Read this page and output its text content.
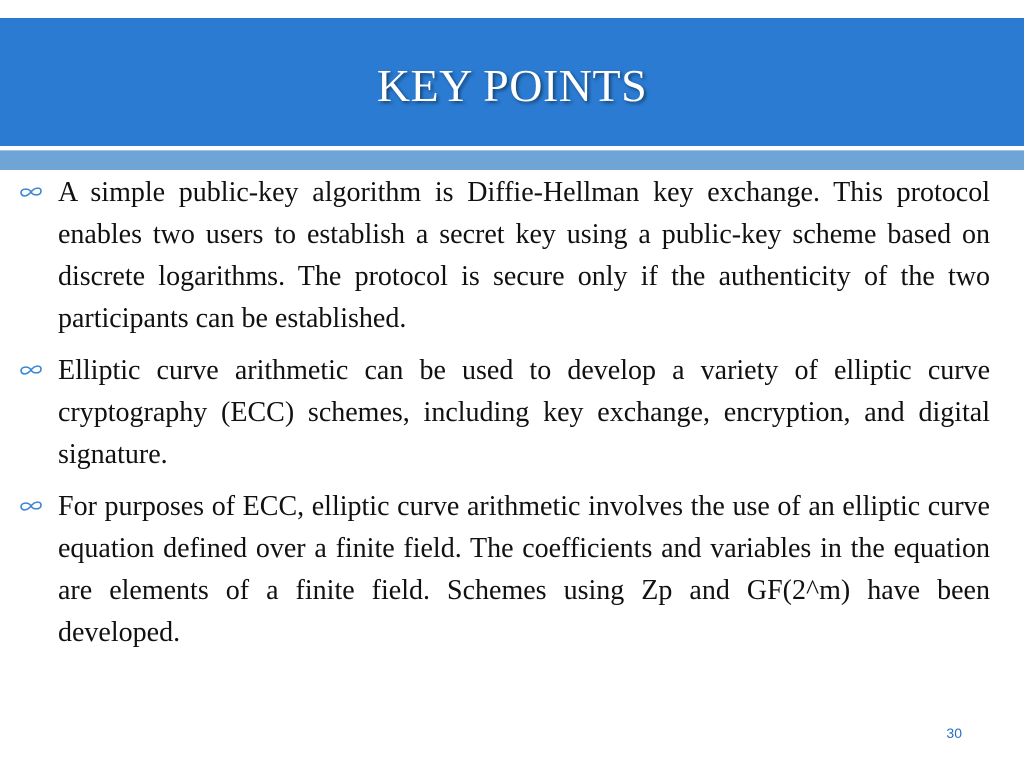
KEY POINTS

A simple public-key algorithm is Diffie-Hellman key exchange. This protocol enables two users to establish a secret key using a public-key scheme based on discrete logarithms. The protocol is secure only if the authenticity of the two participants can be established.

Elliptic curve arithmetic can be used to develop a variety of elliptic curve cryptography (ECC) schemes, including key exchange, encryption, and digital signature.

For purposes of ECC, elliptic curve arithmetic involves the use of an elliptic curve equation defined over a finite field. The coefficients and variables in the equation are elements of a finite field. Schemes using Zp and GF(2^m) have been developed.

30
